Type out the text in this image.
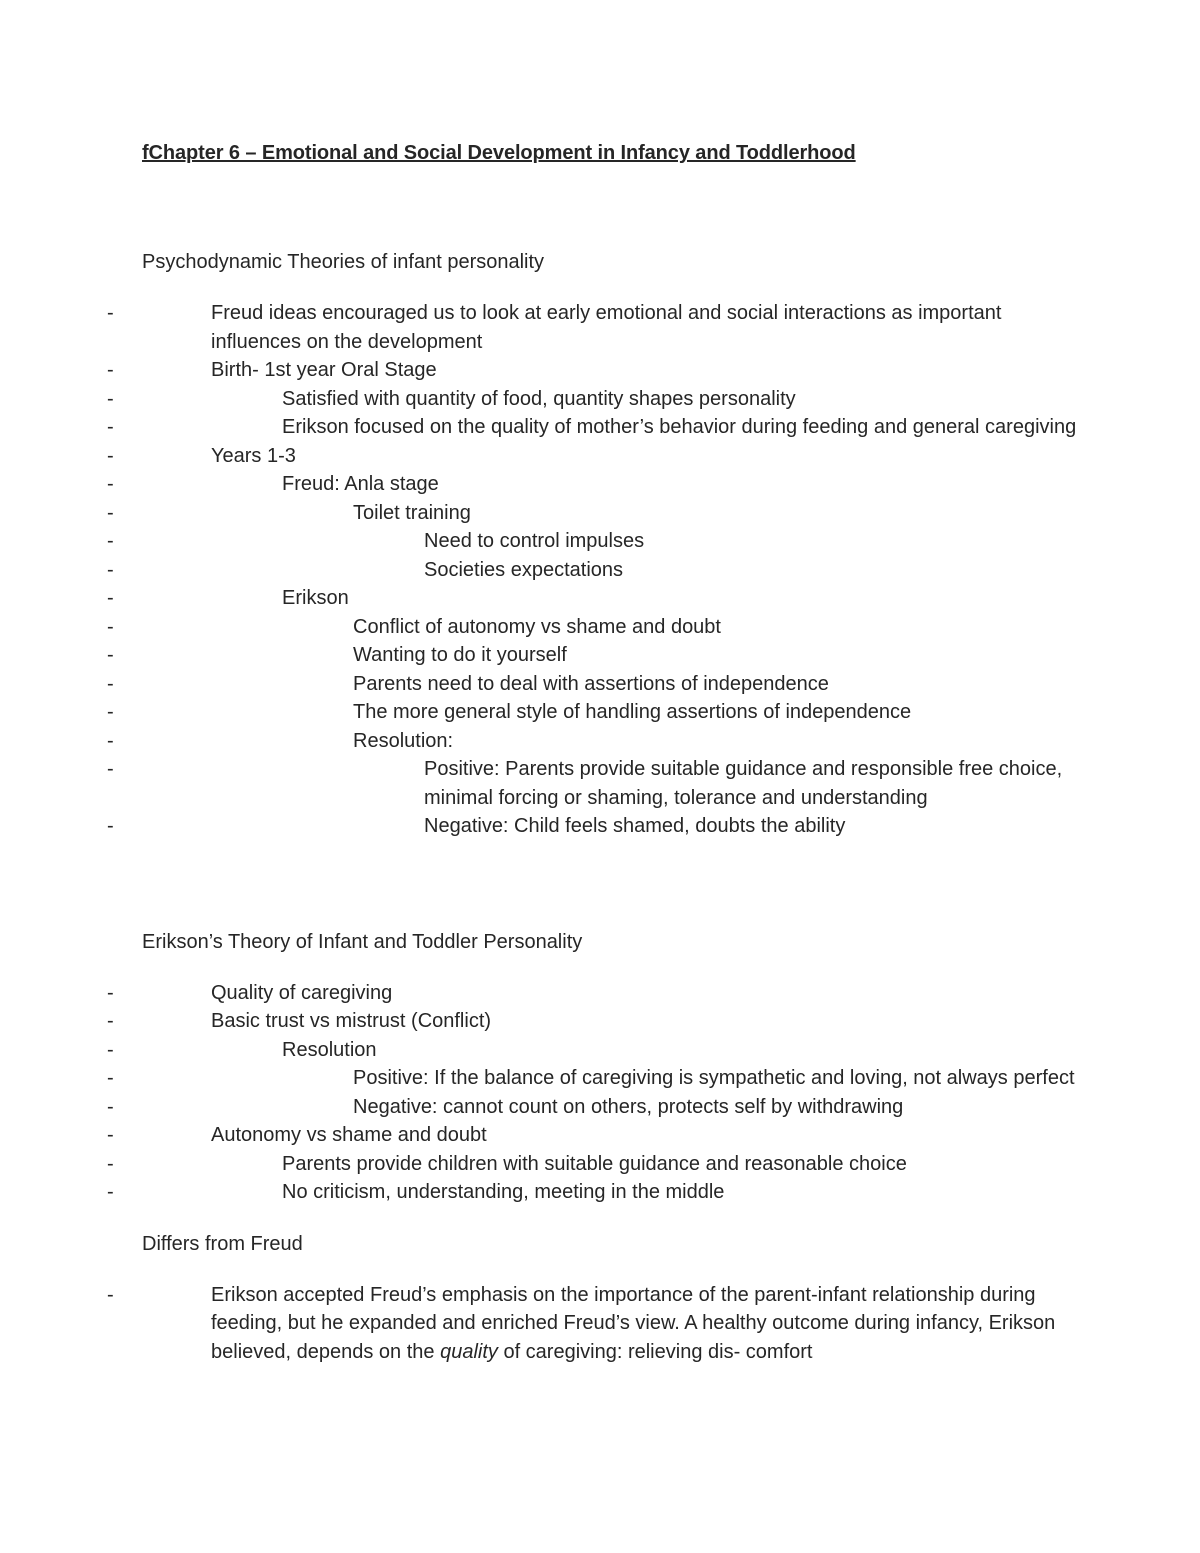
fChapter 6 – Emotional and Social Development in Infancy and Toddlerhood
Psychodynamic Theories of infant personality
- Freud ideas encouraged us to look at early emotional and social interactions as important influences on the development
- Birth- 1st year Oral Stage
- Satisfied with quantity of food, quantity shapes personality
- Erikson focused on the quality of mother’s behavior during feeding and general caregiving
- Years 1-3
- Freud: Anla stage
- Toilet training
- Need to control impulses
- Societies expectations
- Erikson
- Conflict of autonomy vs shame and doubt
- Wanting to do it yourself
- Parents need to deal with assertions of independence
- The more general style of handling assertions of independence
- Resolution:
- Positive: Parents provide suitable guidance and responsible free choice, minimal forcing or shaming, tolerance and understanding
- Negative: Child feels shamed, doubts the ability
Erikson’s Theory of Infant and Toddler Personality
- Quality of caregiving
- Basic trust vs mistrust (Conflict)
- Resolution
- Positive: If the balance of caregiving is sympathetic and loving, not always perfect
- Negative: cannot count on others, protects self by withdrawing
- Autonomy vs shame and doubt
- Parents provide children with suitable guidance and reasonable choice
- No criticism, understanding, meeting in the middle
Differs from Freud
- Erikson accepted Freud’s emphasis on the importance of the parent-infant relationship during feeding, but he expanded and enriched Freud’s view. A healthy outcome during infancy, Erikson believed, depends on the quality of caregiving: relieving dis- comfort
